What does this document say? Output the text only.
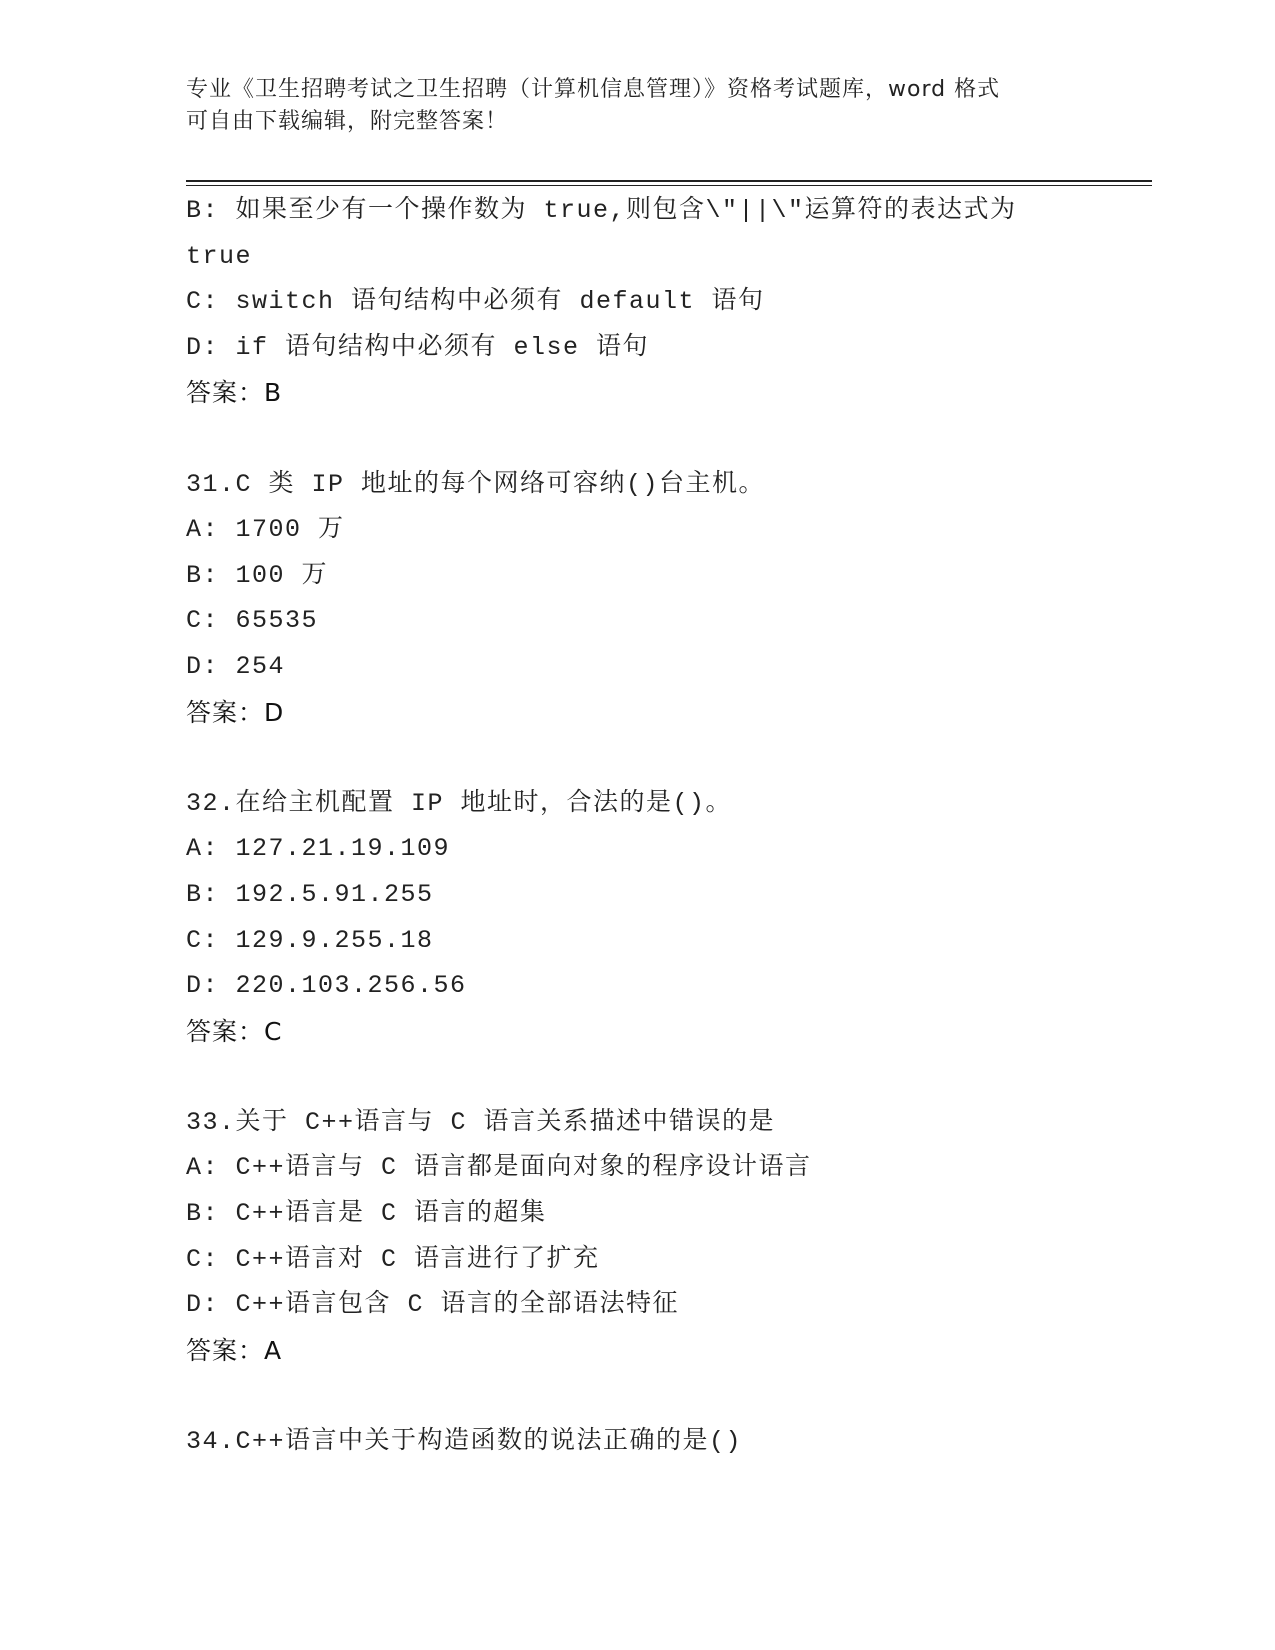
专业《卫生招聘考试之卫生招聘（计算机信息管理）》资格考试题库，word 格式
可自由下载编辑，附完整答案！
B: 如果至少有一个操作数为 true,则包含\"||\"运算符的表达式为
true
C: switch 语句结构中必须有 default 语句
D: if 语句结构中必须有 else 语句
答案：B
31.C 类 IP 地址的每个网络可容纳()台主机。
A: 1700 万
B: 100 万
C: 65535
D: 254
答案：D
32.在给主机配置 IP 地址时，合法的是()。
A: 127.21.19.109
B: 192.5.91.255
C: 129.9.255.18
D: 220.103.256.56
答案：C
33.关于 C++语言与 C 语言关系描述中错误的是
A: C++语言与 C 语言都是面向对象的程序设计语言
B: C++语言是 C 语言的超集
C: C++语言对 C 语言进行了扩充
D: C++语言包含 C 语言的全部语法特征
答案：A
34.C++语言中关于构造函数的说法正确的是()
